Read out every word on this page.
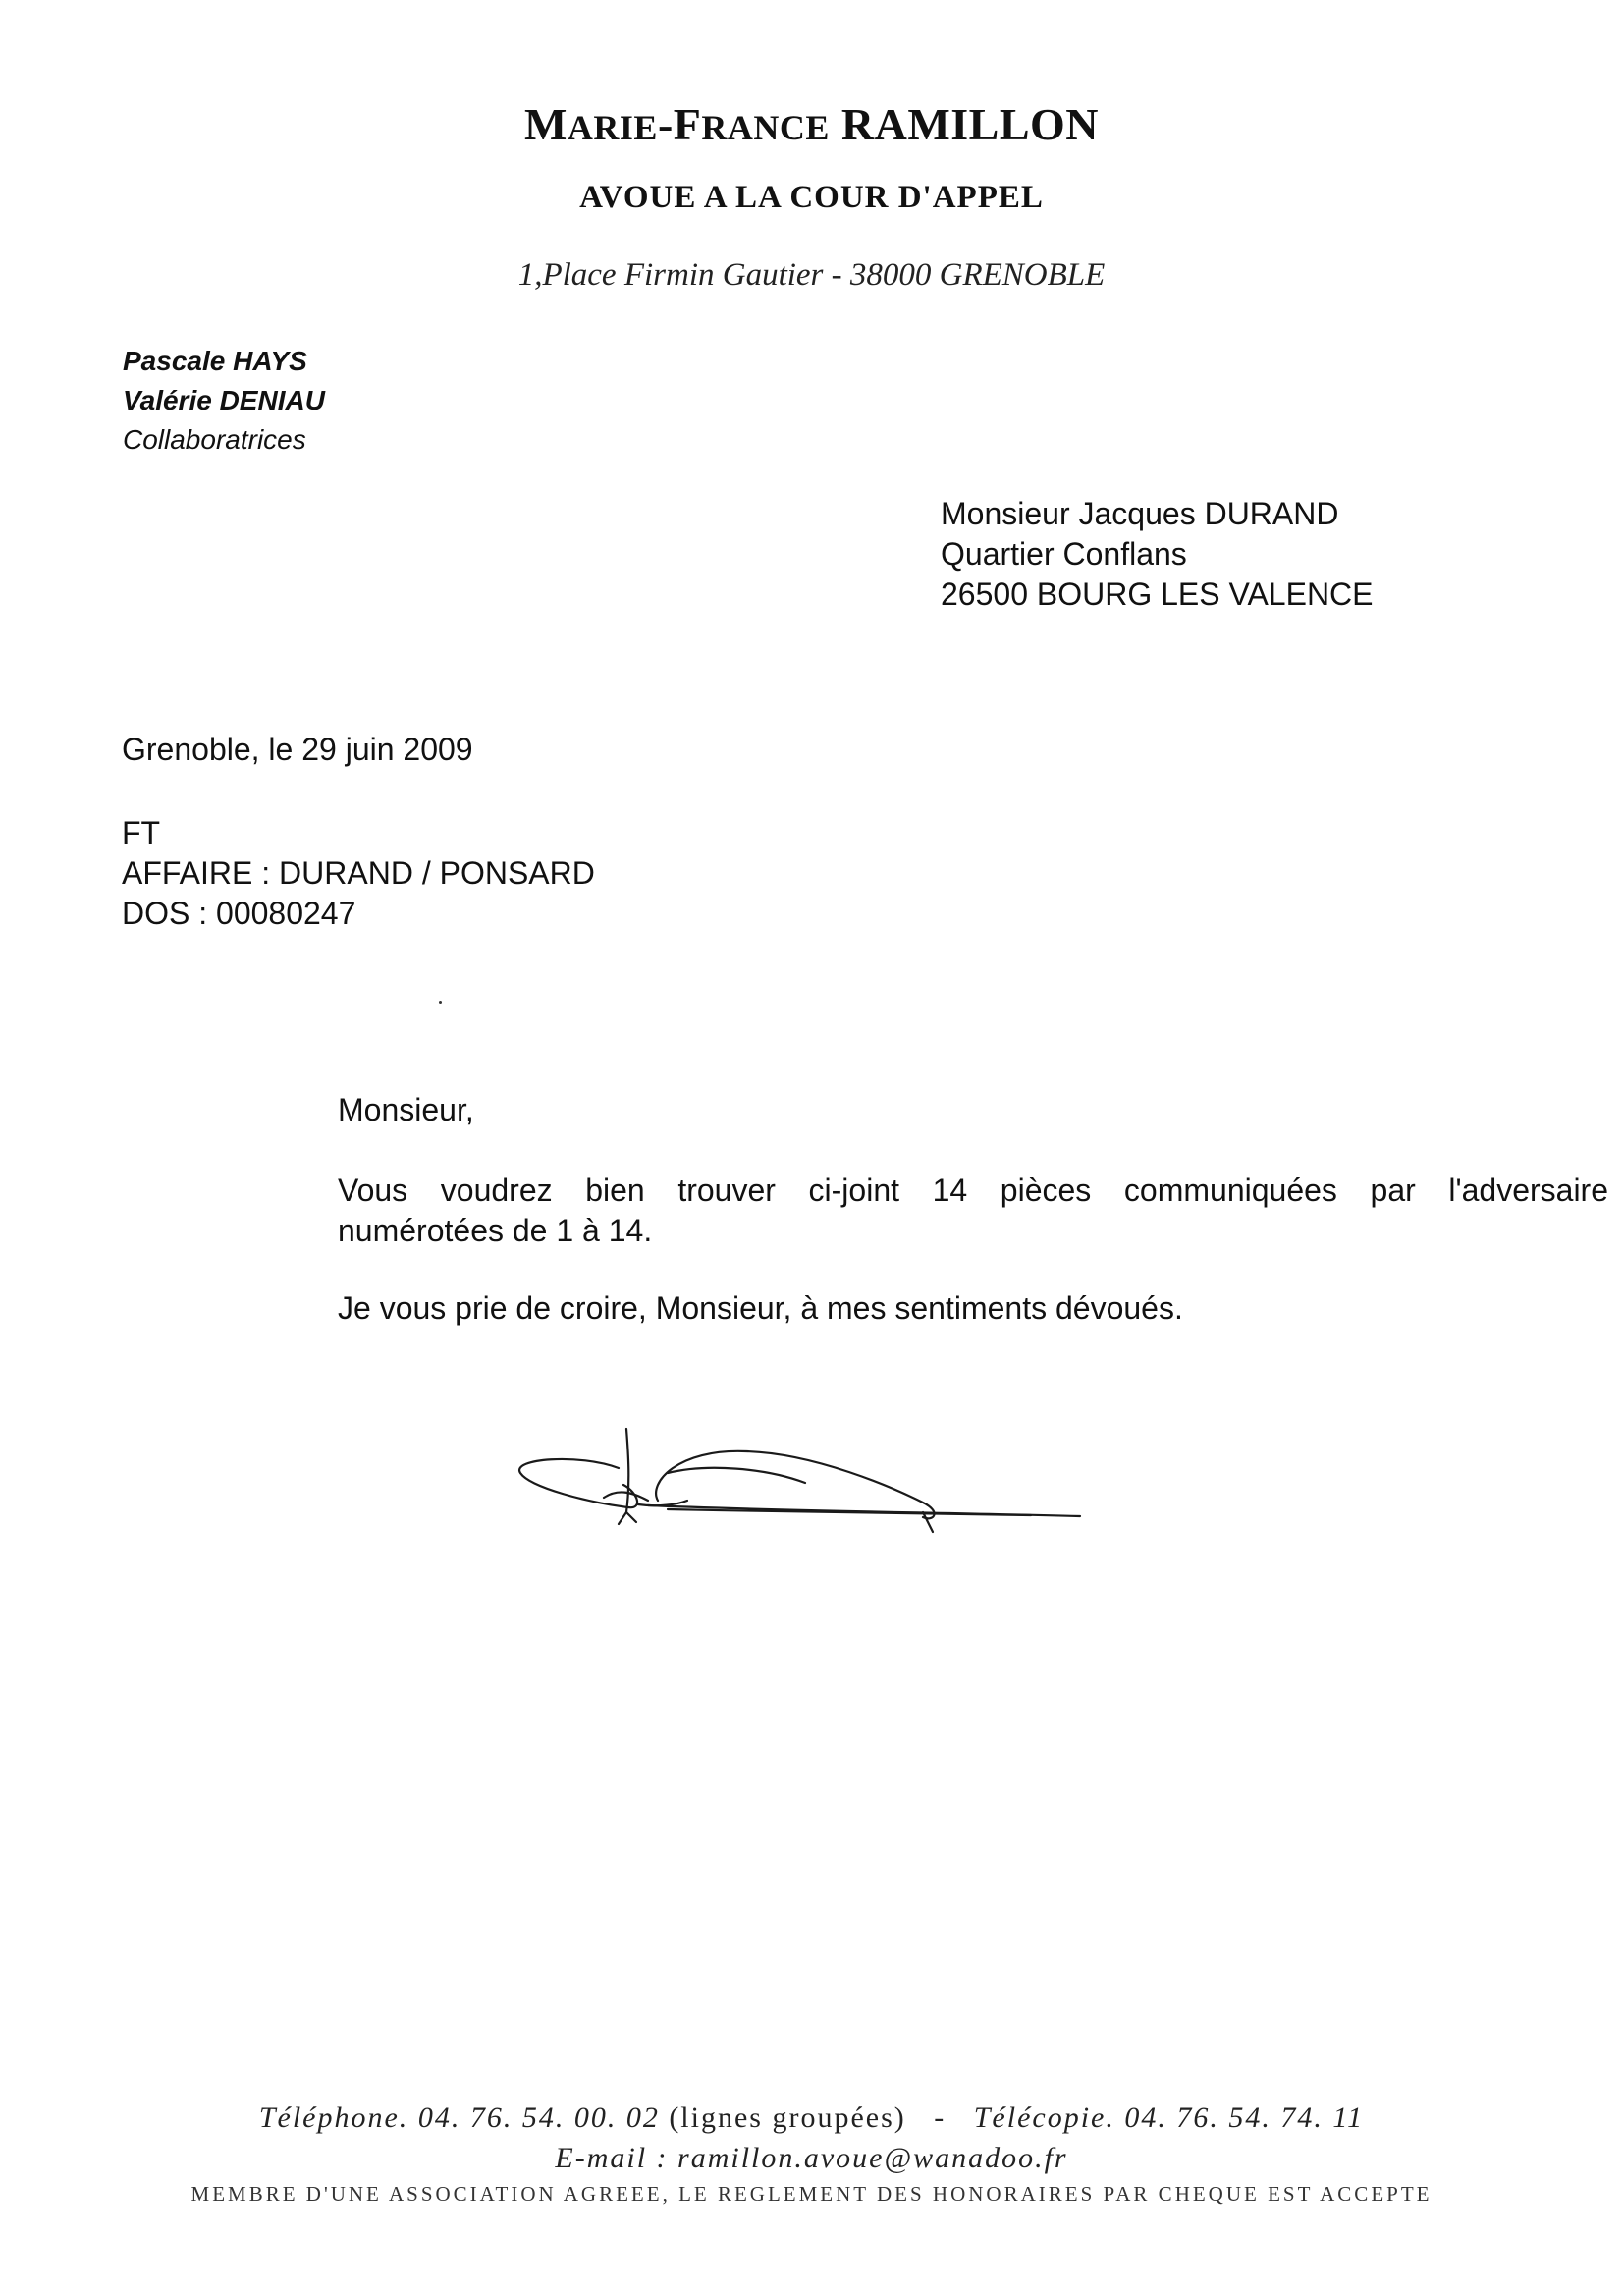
MARIE-FRANCE RAMILLON
AVOUE A LA COUR D'APPEL
1,Place Firmin Gautier - 38000 GRENOBLE
Pascale HAYS
Valérie DENIAU
Collaboratrices
Monsieur Jacques DURAND
Quartier Conflans
26500 BOURG LES VALENCE
Grenoble, le 29 juin 2009
FT
AFFAIRE : DURAND / PONSARD
DOS : 00080247
Monsieur,
Vous voudrez bien trouver ci-joint 14 pièces communiquées par l'adversaire
numérotées de 1 à 14.
Je vous prie de croire, Monsieur, à mes sentiments dévoués.
Téléphone. 04. 76. 54. 00. 02 (lignes groupées) - Télécopie. 04. 76. 54. 74. 11
E-mail : ramillon.avoue@wanadoo.fr
MEMBRE D'UNE ASSOCIATION AGREEE, LE REGLEMENT DES HONORAIRES PAR CHEQUE EST ACCEPTE
